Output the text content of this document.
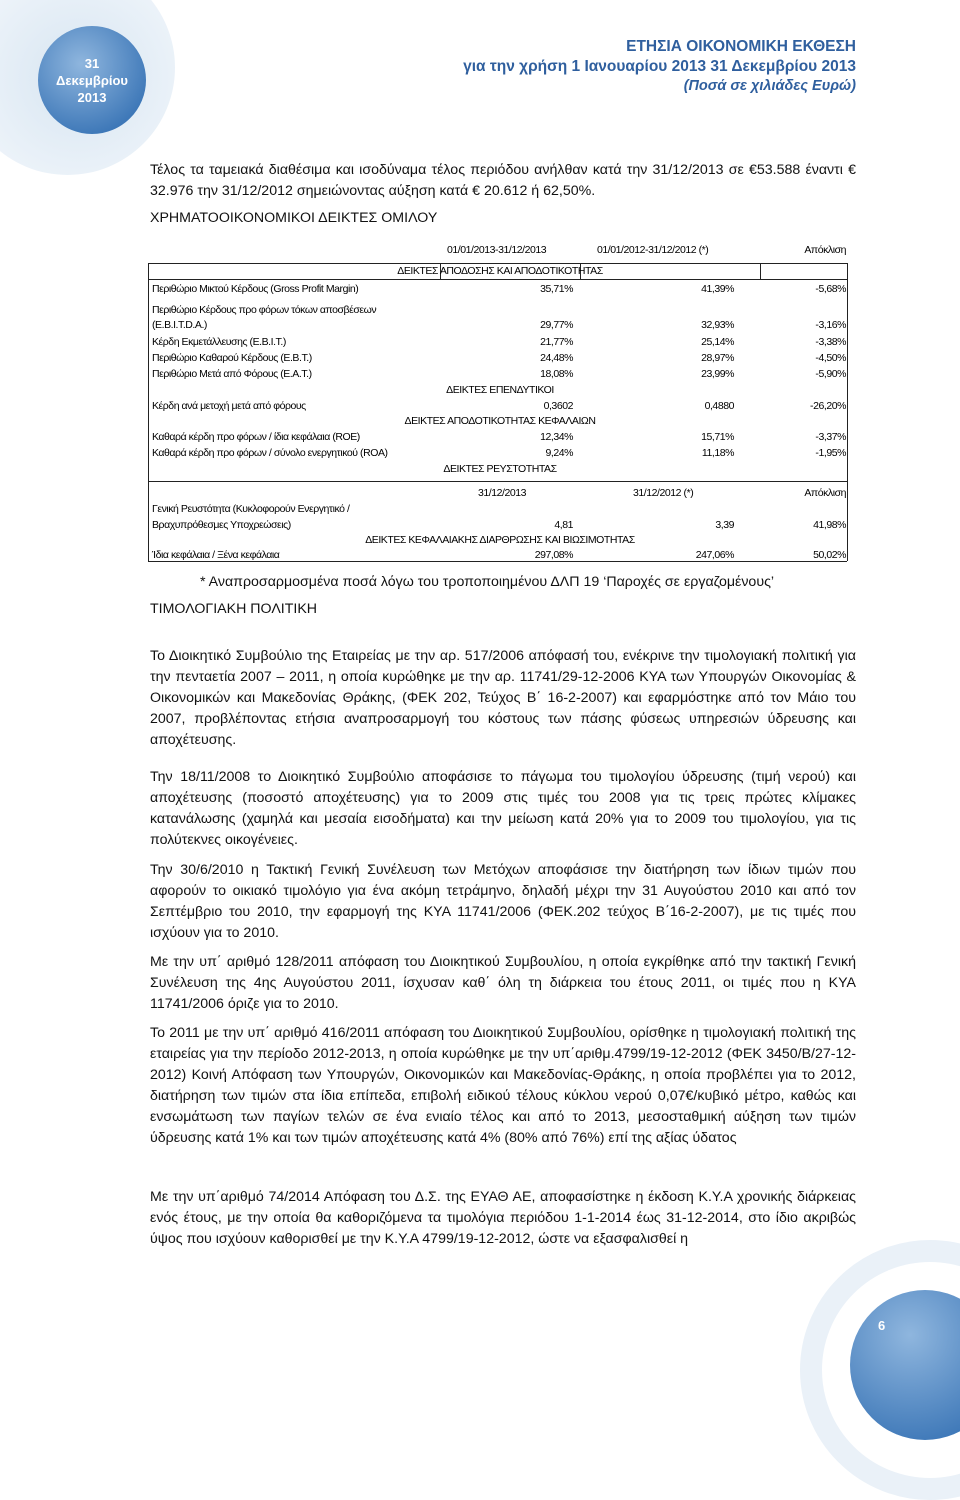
31
Δεκεμβρίου
2013
ΕΤΗΣΙΑ ΟΙΚΟΝΟΜΙΚΗ ΕΚΘΕΣΗ
για την χρήση 1 Ιανουαρίου 2013 31 Δεκεμβρίου 2013
(Ποσά σε χιλιάδες Ευρώ)

Τέλος τα ταμειακά διαθέσιμα και ισοδύναμα τέλος περιόδου ανήλθαν κατά την 31/12/2013 σε €53.588 έναντι € 32.976 την 31/12/2012 σημειώνοντας αύξηση κατά € 20.612 ή 62,50%.

ΧΡΗΜΑΤΟΟΙΚΟΝΟΜΙΚΟΙ ΔΕΙΚΤΕΣ ΟΜΙΛΟΥ

01/01/2013-31/12/2013	01/01/2012-31/12/2012 (*)	Απόκλιση
ΔΕΙΚΤΕΣ ΑΠΟΔΟΣΗΣ ΚΑΙ ΑΠΟΔΟΤΙΚΟΤΗΤΑΣ
Περιθώριο Μικτού Κέρδους (Gross Profit Margin)	35,71%	41,39%	-5,68%
Περιθώριο Κέρδους προ φόρων τόκων αποσβέσεων
(Ε.Β.Ι.Τ.D.A.)	29,77%	32,93%	-3,16%
Κέρδη Εκμετάλλευσης (Ε.Β.Ι.Τ.)	21,77%	25,14%	-3,38%
Περιθώριο Καθαρού Κέρδους (Ε.Β.Τ.)	24,48%	28,97%	-4,50%
Περιθώριο Μετά από Φόρους (Ε.Α.Τ.)	18,08%	23,99%	-5,90%
ΔΕΙΚΤΕΣ ΕΠΕΝΔΥΤΙΚΟΙ
Κέρδη ανά μετοχή μετά από φόρους	0,3602	0,4880	-26,20%
ΔΕΙΚΤΕΣ ΑΠΟΔΟΤΙΚΟΤΗΤΑΣ ΚΕΦΑΛΑΙΩΝ
Καθαρά κέρδη προ φόρων / ίδια κεφάλαια (ROE)	12,34%	15,71%	-3,37%
Καθαρά κέρδη προ φόρων / σύνολο ενεργητικού (ROA)	9,24%	11,18%	-1,95%
ΔΕΙΚΤΕΣ ΡΕΥΣΤΟΤΗΤΑΣ
31/12/2013	31/12/2012 (*)	Απόκλιση
Γενική Ρευστότητα (Κυκλοφορούν Ενεργητικό /
Βραχυπρόθεσμες Υποχρεώσεις)	4,81	3,39	41,98%
ΔΕΙΚΤΕΣ ΚΕΦΑΛΑΙΑΚΗΣ ΔΙΑΡΘΡΩΣΗΣ ΚΑΙ ΒΙΩΣΙΜΟΤΗΤΑΣ
Ίδια κεφάλαια / Ξένα κεφάλαια	297,08%	247,06%	50,02%
* Αναπροσαρμοσμένα ποσά λόγω του τροποποιημένου ΔΛΠ 19 ‘Παροχές σε εργαζομένους’

ΤΙΜΟΛΟΓΙΑΚΗ ΠΟΛΙΤΙΚΗ

Το Διοικητικό Συμβούλιο της Εταιρείας με την αρ. 517/2006 απόφασή του, ενέκρινε την τιμολογιακή πολιτική για την πενταετία 2007 – 2011, η οποία κυρώθηκε με την αρ. 11741/29-12-2006 ΚΥΑ των Υπουργών Οικονομίας & Οικονομικών και Μακεδονίας Θράκης, (ΦΕΚ 202, Τεύχος Β΄ 16-2-2007) και εφαρμόστηκε από τον Μάιο του 2007, προβλέποντας ετήσια αναπροσαρμογή του κόστους των πάσης φύσεως υπηρεσιών ύδρευσης και αποχέτευσης.

Την 18/11/2008 το Διοικητικό Συμβούλιο αποφάσισε το πάγωμα του τιμολογίου ύδρευσης (τιμή νερού) και αποχέτευσης (ποσοστό αποχέτευσης) για το 2009 στις τιμές του 2008 για τις τρεις πρώτες κλίμακες κατανάλωσης (χαμηλά και μεσαία εισοδήματα) και την μείωση κατά 20% για το 2009 του τιμολογίου, για τις πολύτεκνες οικογένειες.

Την 30/6/2010 η Τακτική Γενική Συνέλευση των Μετόχων αποφάσισε την διατήρηση των ίδιων τιμών που αφορούν το οικιακό τιμολόγιο για ένα ακόμη τετράμηνο, δηλαδή μέχρι την 31 Αυγούστου 2010 και από τον Σεπτέμβριο του 2010, την εφαρμογή της ΚΥΑ 11741/2006 (ΦΕΚ.202 τεύχος Β΄16-2-2007), με τις τιμές που ισχύουν για το 2010.

Με την υπ΄ αριθμό 128/2011 απόφαση του Διοικητικού Συμβουλίου, η οποία εγκρίθηκε από την τακτική Γενική Συνέλευση της 4ης Αυγούστου 2011, ίσχυσαν καθ΄ όλη τη διάρκεια του έτους 2011, οι τιμές που η ΚΥΑ 11741/2006 όριζε για το 2010.

Το 2011 με την υπ΄ αριθμό 416/2011 απόφαση του Διοικητικού Συμβουλίου, ορίσθηκε η τιμολογιακή πολιτική της εταιρείας για την περίοδο 2012-2013, η οποία κυρώθηκε με την υπ΄αριθμ.4799/19-12-2012 (ΦΕΚ 3450/Β/27-12-2012) Κοινή Απόφαση των Υπουργών, Οικονομικών και Μακεδονίας-Θράκης, η οποία προβλέπει για το 2012, διατήρηση των τιμών στα ίδια επίπεδα, επιβολή ειδικού τέλους κύκλου νερού 0,07€/κυβικό μέτρο, καθώς και ενσωμάτωση των παγίων τελών σε ένα ενιαίο τέλος και από το 2013, μεσοσταθμική αύξηση των τιμών ύδρευσης κατά 1% και των τιμών αποχέτευσης κατά 4% (80% από 76%) επί της αξίας ύδατος

Με την υπ΄αριθμό 74/2014 Απόφαση του Δ.Σ. της ΕΥΑΘ ΑΕ, αποφασίστηκε η έκδοση Κ.Υ.Α χρονικής διάρκειας ενός έτους, με την οποία θα καθοριζόμενα τα τιμολόγια περιόδου 1-1-2014 έως 31-12-2014, στο ίδιο ακριβώς ύψος που ισχύουν καθορισθεί με την Κ.Υ.Α 4799/19-12-2012, ώστε να εξασφαλισθεί η

6
